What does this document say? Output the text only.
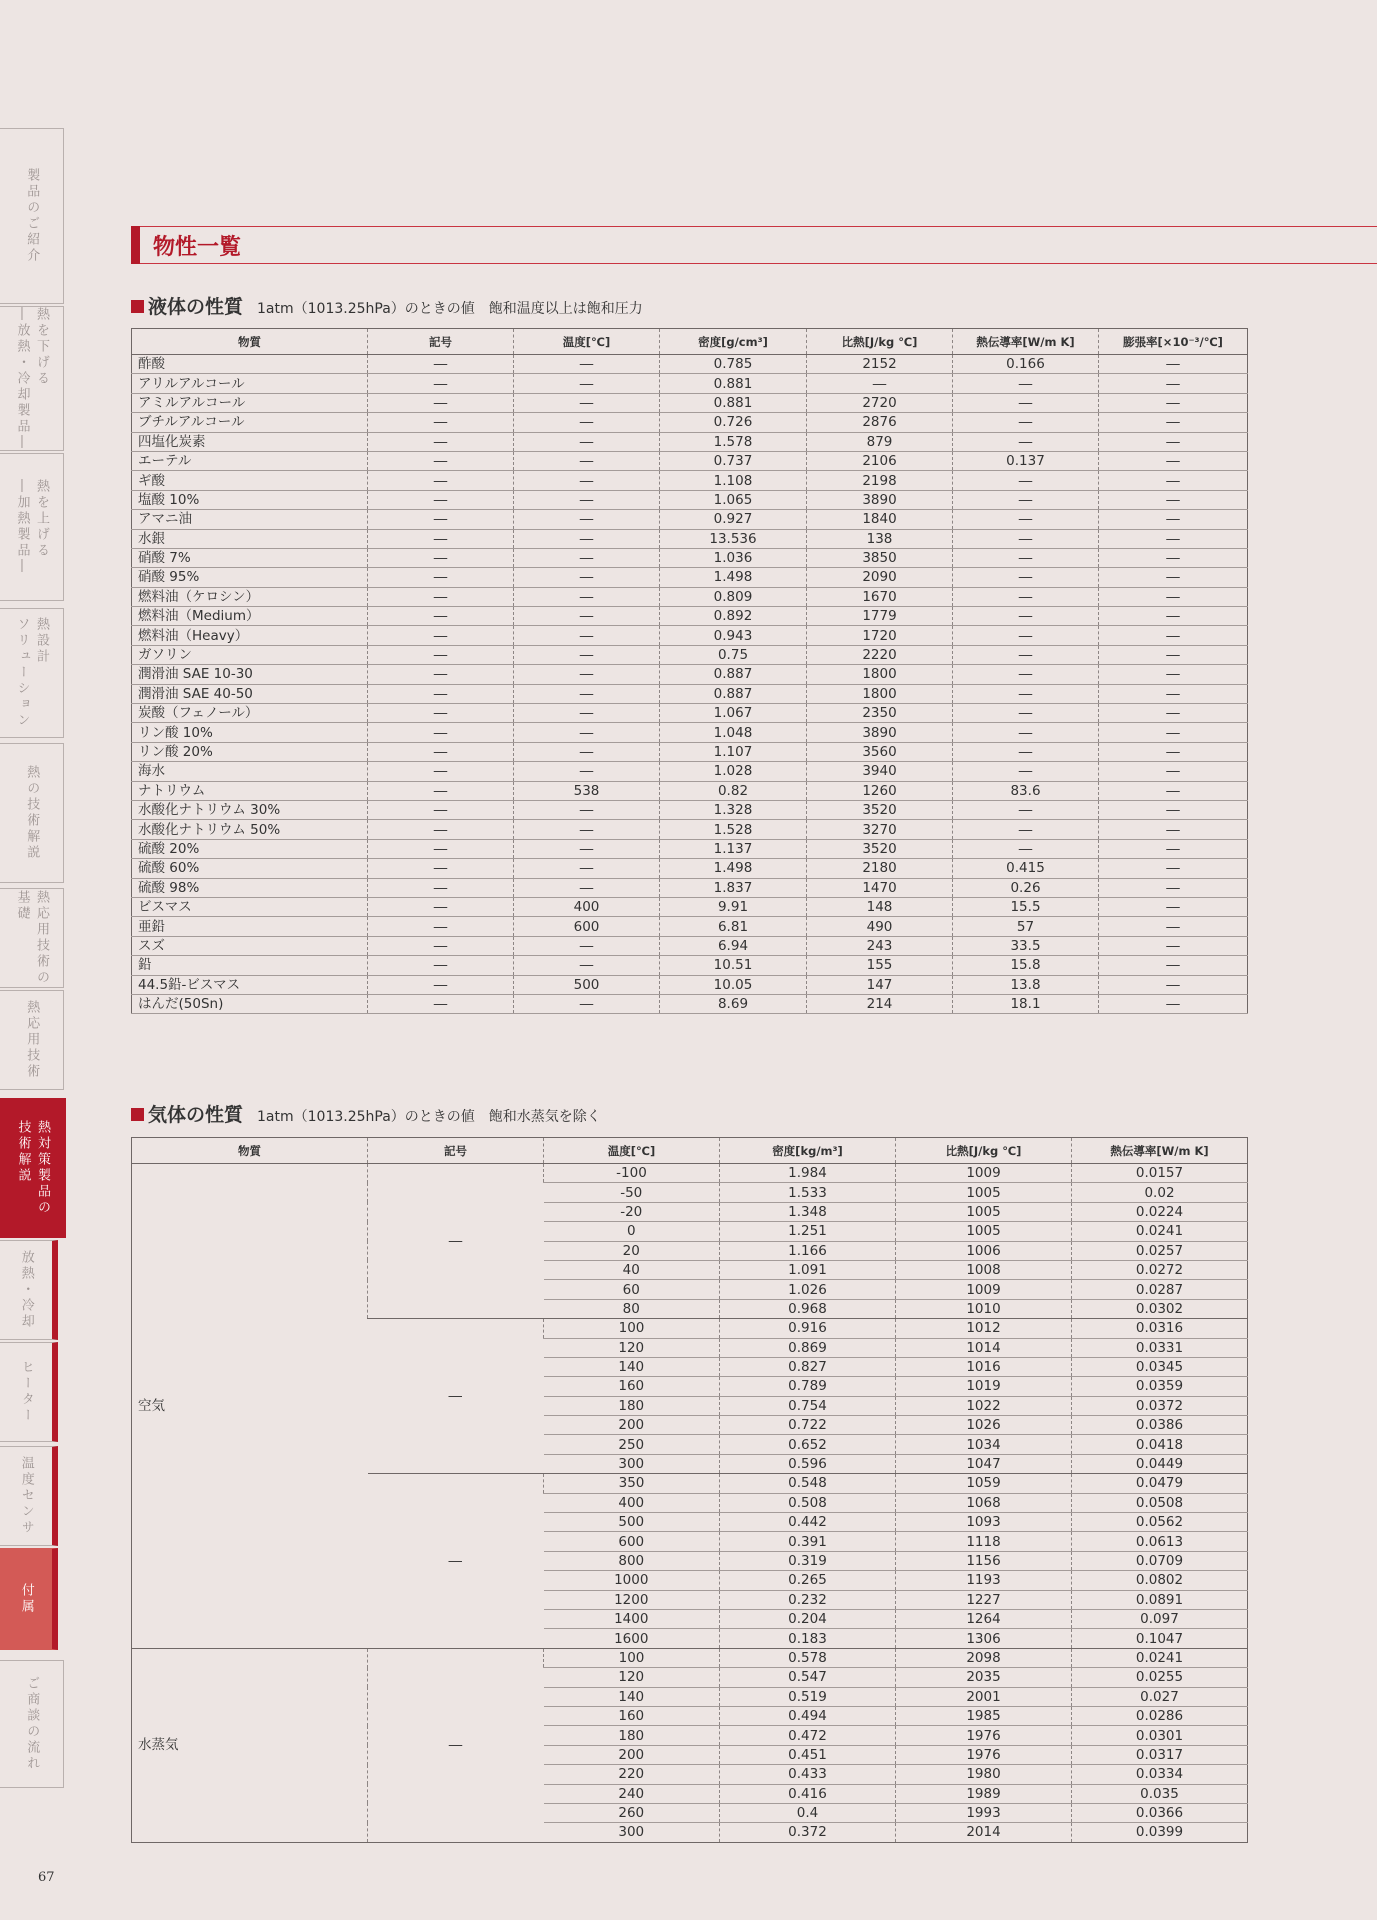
製品のご紹介
熱を下げる
―放熱・冷却製品―
熱を上げる
―加熱製品―
熱設計
ソリューション
熱の技術解説
熱応用技術の
基礎
熱応用技術
熱対策製品の
技術解説
放熱・冷却
ヒーター
温度センサ
付属
ご商談の流れ
物性一覧
液体の性質 1atm（1013.25hPa）のときの値　飽和温度以上は飽和圧力
物質	記号	温度[℃]	密度[g/cm³]	比熱[J/kg ℃]	熱伝導率[W/m K]	膨張率[×10⁻³/℃]
酢酸	―	―	0.785	2152	0.166	―
アリルアルコール	―	―	0.881	―	―	―
アミルアルコール	―	―	0.881	2720	―	―
ブチルアルコール	―	―	0.726	2876	―	―
四塩化炭素	―	―	1.578	879	―	―
エーテル	―	―	0.737	2106	0.137	―
ギ酸	―	―	1.108	2198	―	―
塩酸 10%	―	―	1.065	3890	―	―
アマニ油	―	―	0.927	1840	―	―
水銀	―	―	13.536	138	―	―
硝酸 7%	―	―	1.036	3850	―	―
硝酸 95%	―	―	1.498	2090	―	―
燃料油（ケロシン）	―	―	0.809	1670	―	―
燃料油（Medium）	―	―	0.892	1779	―	―
燃料油（Heavy）	―	―	0.943	1720	―	―
ガソリン	―	―	0.75	2220	―	―
潤滑油 SAE 10-30	―	―	0.887	1800	―	―
潤滑油 SAE 40-50	―	―	0.887	1800	―	―
炭酸（フェノール）	―	―	1.067	2350	―	―
リン酸 10%	―	―	1.048	3890	―	―
リン酸 20%	―	―	1.107	3560	―	―
海水	―	―	1.028	3940	―	―
ナトリウム	―	538	0.82	1260	83.6	―
水酸化ナトリウム 30%	―	―	1.328	3520	―	―
水酸化ナトリウム 50%	―	―	1.528	3270	―	―
硫酸 20%	―	―	1.137	3520	―	―
硫酸 60%	―	―	1.498	2180	0.415	―
硫酸 98%	―	―	1.837	1470	0.26	―
ビスマス	―	400	9.91	148	15.5	―
亜鉛	―	600	6.81	490	57	―
スズ	―	―	6.94	243	33.5	―
鉛	―	―	10.51	155	15.8	―
44.5鉛-ビスマス	―	500	10.05	147	13.8	―
はんだ(50Sn)	―	―	8.69	214	18.1	―
気体の性質 1atm（1013.25hPa）のときの値　飽和水蒸気を除く
物質	記号	温度[℃]	密度[kg/m³]	比熱[J/kg ℃]	熱伝導率[W/m K]
空気	―	-100	1.984	1009	0.0157
		-50	1.533	1005	0.02
		-20	1.348	1005	0.0224
		0	1.251	1005	0.0241
		20	1.166	1006	0.0257
		40	1.091	1008	0.0272
		60	1.026	1009	0.0287
		80	0.968	1010	0.0302
	―	100	0.916	1012	0.0316
		120	0.869	1014	0.0331
		140	0.827	1016	0.0345
		160	0.789	1019	0.0359
		180	0.754	1022	0.0372
		200	0.722	1026	0.0386
		250	0.652	1034	0.0418
		300	0.596	1047	0.0449
	―	350	0.548	1059	0.0479
		400	0.508	1068	0.0508
		500	0.442	1093	0.0562
		600	0.391	1118	0.0613
		800	0.319	1156	0.0709
		1000	0.265	1193	0.0802
		1200	0.232	1227	0.0891
		1400	0.204	1264	0.097
		1600	0.183	1306	0.1047
水蒸気	―	100	0.578	2098	0.0241
		120	0.547	2035	0.0255
		140	0.519	2001	0.027
		160	0.494	1985	0.0286
		180	0.472	1976	0.0301
		200	0.451	1976	0.0317
		220	0.433	1980	0.0334
		240	0.416	1989	0.035
		260	0.4	1993	0.0366
		300	0.372	2014	0.0399
67
